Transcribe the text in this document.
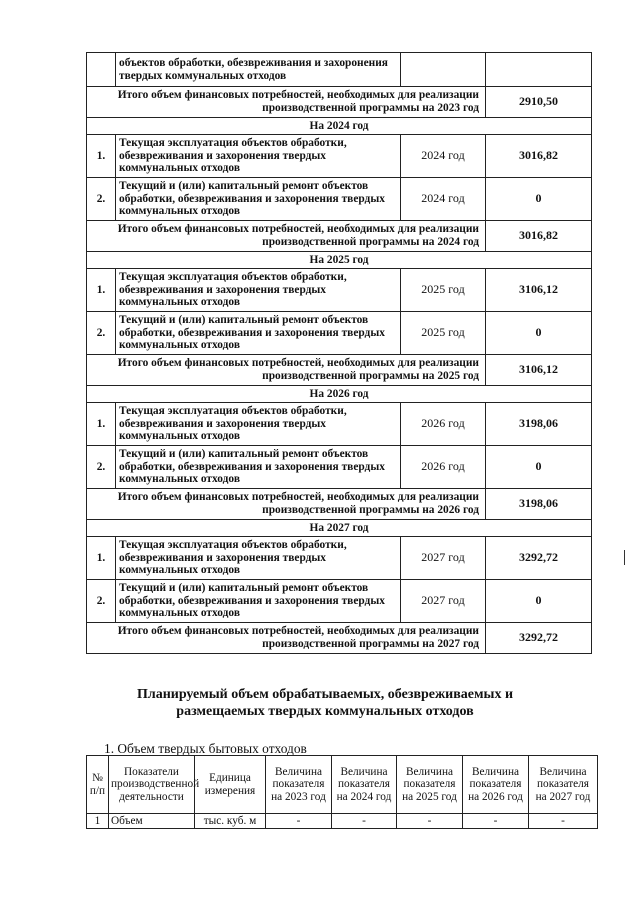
	объектов обработки, обезвреживания и захоронения твердых коммунальных отходов		
Итого объем финансовых потребностей, необходимых для реализации производственной программы на 2023 год			2910,50
На 2024 год			
1.	Текущая эксплуатация объектов обработки, обезвреживания и захоронения твердых коммунальных отходов	2024 год	3016,82
2.	Текущий и (или) капитальный ремонт объектов обработки, обезвреживания и захоронения твердых коммунальных отходов	2024 год	0
Итого объем финансовых потребностей, необходимых для реализации производственной программы на 2024 год			3016,82
На 2025 год			
1.	Текущая эксплуатация объектов обработки, обезвреживания и захоронения твердых коммунальных отходов	2025 год	3106,12
2.	Текущий и (или) капитальный ремонт объектов обработки, обезвреживания и захоронения твердых коммунальных отходов	2025 год	0
Итого объем финансовых потребностей, необходимых для реализации производственной программы на 2025 год			3106,12
На 2026 год			
1.	Текущая эксплуатация объектов обработки, обезвреживания и захоронения твердых коммунальных отходов	2026 год	3198,06
2.	Текущий и (или) капитальный ремонт объектов обработки, обезвреживания и захоронения твердых коммунальных отходов	2026 год	0
Итого объем финансовых потребностей, необходимых для реализации производственной программы на 2026 год			3198,06
На 2027 год			
1.	Текущая эксплуатация объектов обработки, обезвреживания и захоронения твердых коммунальных отходов	2027 год	3292,72
2.	Текущий и (или) капитальный ремонт объектов обработки, обезвреживания и захоронения твердых коммунальных отходов	2027 год	0
Итого объем финансовых потребностей, необходимых для реализации производственной программы на 2027 год			3292,72
Планируемый объем обрабатываемых, обезвреживаемых и
размещаемых твердых коммунальных отходов
1. Объем твердых бытовых отходов
№ п/п	Показатели производственной деятельности	Единица измерения	Величина показателя на 2023 год	Величина показателя на 2024 год	Величина показателя на 2025 год	Величина показателя на 2026 год	Величина показателя на 2027 год
1	Объем	тыс. куб. м	-	-	-	-	-
